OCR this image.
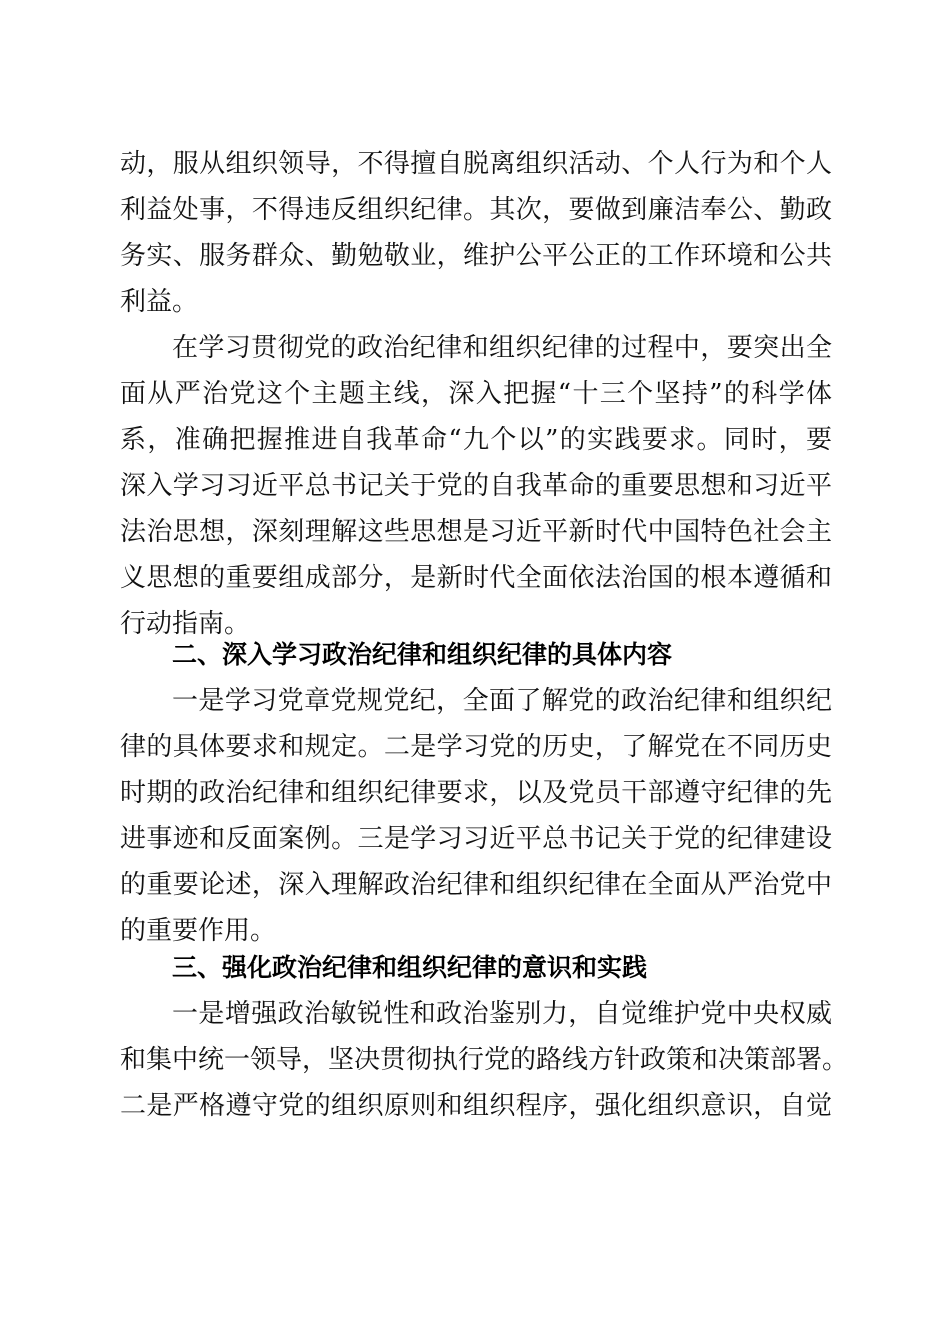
动，服从组织领导，不得擅自脱离组织活动、个人行为和个人
利益处事，不得违反组织纪律。其次，要做到廉洁奉公、勤政
务实、服务群众、勤勉敬业，维护公平公正的工作环境和公共
利益。
在学习贯彻党的政治纪律和组织纪律的过程中，要突出全
面从严治党这个主题主线，深入把握“十三个坚持”的科学体
系，准确把握推进自我革命“九个以”的实践要求。同时，要
深入学习习近平总书记关于党的自我革命的重要思想和习近平
法治思想，深刻理解这些思想是习近平新时代中国特色社会主
义思想的重要组成部分，是新时代全面依法治国的根本遵循和
行动指南。
二、深入学习政治纪律和组织纪律的具体内容
一是学习党章党规党纪，全面了解党的政治纪律和组织纪
律的具体要求和规定。二是学习党的历史，了解党在不同历史
时期的政治纪律和组织纪律要求，以及党员干部遵守纪律的先
进事迹和反面案例。三是学习习近平总书记关于党的纪律建设
的重要论述，深入理解政治纪律和组织纪律在全面从严治党中
的重要作用。
三、强化政治纪律和组织纪律的意识和实践
一是增强政治敏锐性和政治鉴别力，自觉维护党中央权威
和集中统一领导，坚决贯彻执行党的路线方针政策和决策部署。
二是严格遵守党的组织原则和组织程序，强化组织意识，自觉
